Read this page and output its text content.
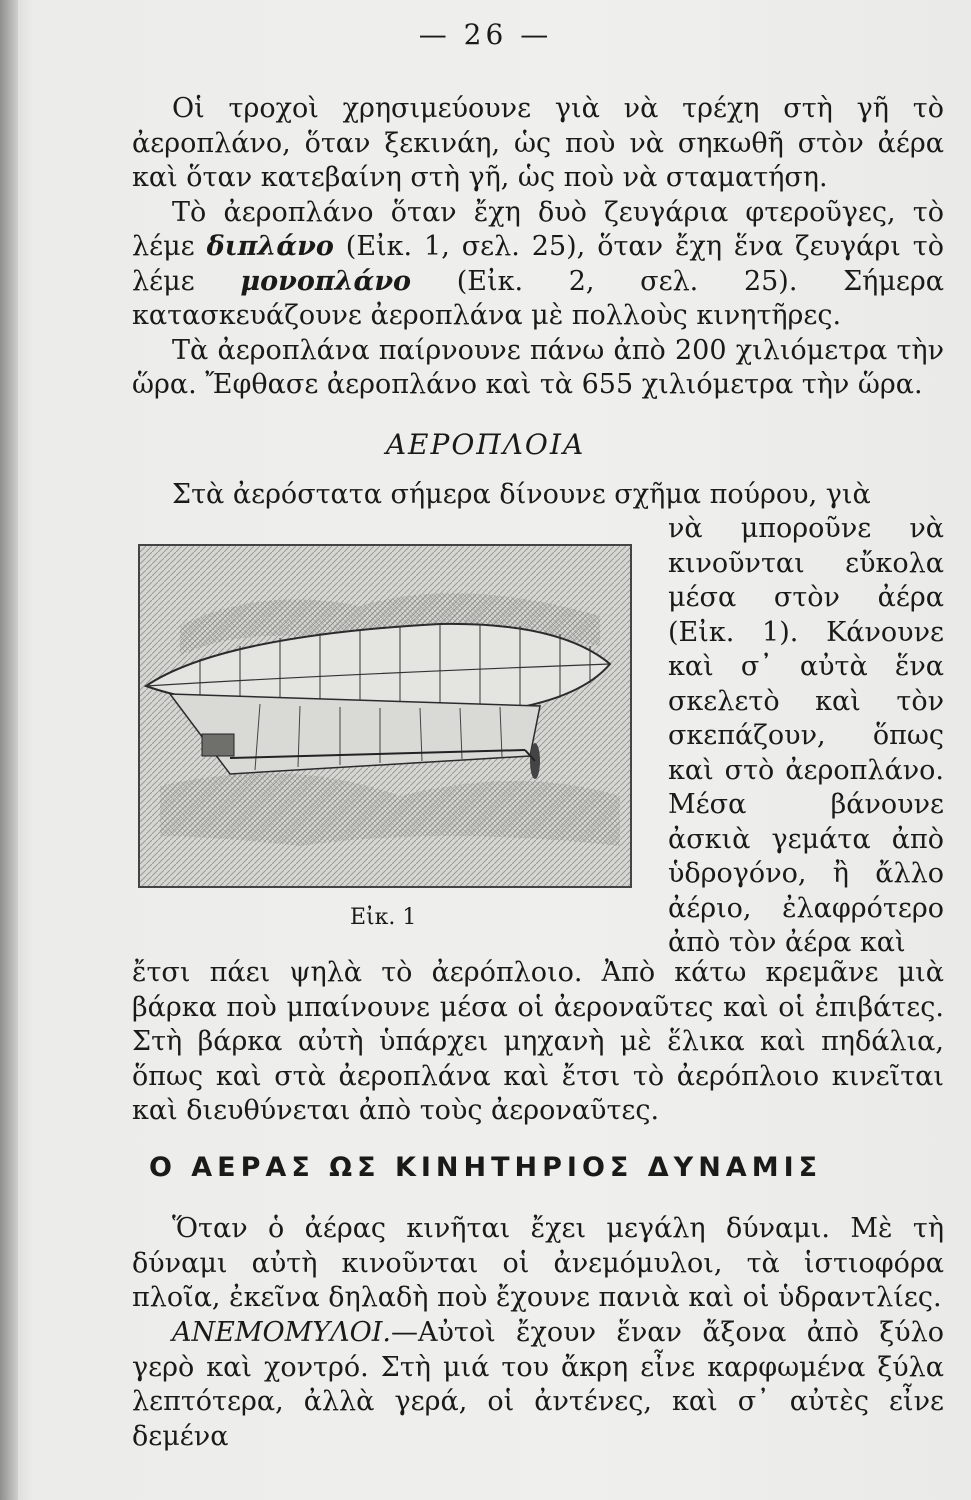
— 26 —

Οἱ τροχοὶ χρησιμεύουνε γιὰ νὰ τρέχη στὴ γῆ τὸ ἀεροπλάνο, ὅταν ξεκινάη, ὡς ποὺ νὰ σηκωθῆ στὸν ἀέρα καὶ ὅταν κατεβαίνη στὴ γῆ, ὡς ποὺ νὰ σταματήση.

Τὸ ἀεροπλάνο ὅταν ἔχη δυὸ ζευγάρια φτεροῦγες, τὸ λέμε διπλάνο (Εἰκ. 1, σελ. 25), ὅταν ἔχη ἕνα ζευγάρι τὸ λέμε μονοπλάνο (Εἰκ. 2, σελ. 25). Σήμερα κατασκευάζουνε ἀεροπλάνα μὲ πολλοὺς κινητῆρες.

Τὰ ἀεροπλάνα παίρνουνε πάνω ἀπὸ 200 χιλιόμετρα τὴν ὥρα. Ἔφθασε ἀεροπλάνο καὶ τὰ 655 χιλιόμετρα τὴν ὥρα.

ΑΕΡΟΠΛΟΙΑ
Στὰ ἀερόστατα σήμερα δίνουνε σχῆμα πούρου, γιὰ
Εἰκ. 1

νὰ μποροῦνε νὰ κινοῦνται εὔκολα μέσα στὸν ἀέρα (Εἰκ. 1). Κάνουνε καὶ σ᾽ αὐτὰ ἕνα σκελετὸ καὶ τὸν σκεπάζουν, ὅπως καὶ στὸ ἀεροπλάνο. Μέσα βάνουνε ἀσκιὰ γεμάτα ἀπὸ ὑδρογόνο, ἢ ἄλλο ἀέριο, ἐλαφρότερο ἀπὸ τὸν ἀέρα καὶ

ἔτσι πάει ψηλὰ τὸ ἀερόπλοιο. Ἀπὸ κάτω κρεμᾶνε μιὰ βάρκα ποὺ μπαίνουνε μέσα οἱ ἀεροναῦτες καὶ οἱ ἐπιβάτες. Στὴ βάρκα αὐτὴ ὑπάρχει μηχανὴ μὲ ἕλικα καὶ πηδάλια, ὅπως καὶ στὰ ἀεροπλάνα καὶ ἔτσι τὸ ἀερόπλοιο κινεῖται καὶ διευθύνεται ἀπὸ τοὺς ἀεροναῦτες.
Ο ΑΕΡΑΣ ΩΣ ΚΙΝΗΤΗΡΙΟΣ ΔΥΝΑΜΙΣ

Ὅταν ὁ ἀέρας κινῆται ἔχει μεγάλη δύναμι. Μὲ τὴ δύναμι αὐτὴ κινοῦνται οἱ ἀνεμόμυλοι, τὰ ἱστιοφόρα πλοῖα, ἐκεῖνα δηλαδὴ ποὺ ἔχουνε πανιὰ καὶ οἱ ὑδραντλίες.

ΑΝΕΜΟΜΥΛΟΙ.—Αὐτοὶ ἔχουν ἕναν ἄξονα ἀπὸ ξύλο γερὸ καὶ χοντρό. Στὴ μιά του ἄκρη εἶνε καρφωμένα ξύλα λεπτότερα, ἀλλὰ γερά, οἱ ἀντένες, καὶ σ᾽ αὐτὲς εἶνε δεμένα
